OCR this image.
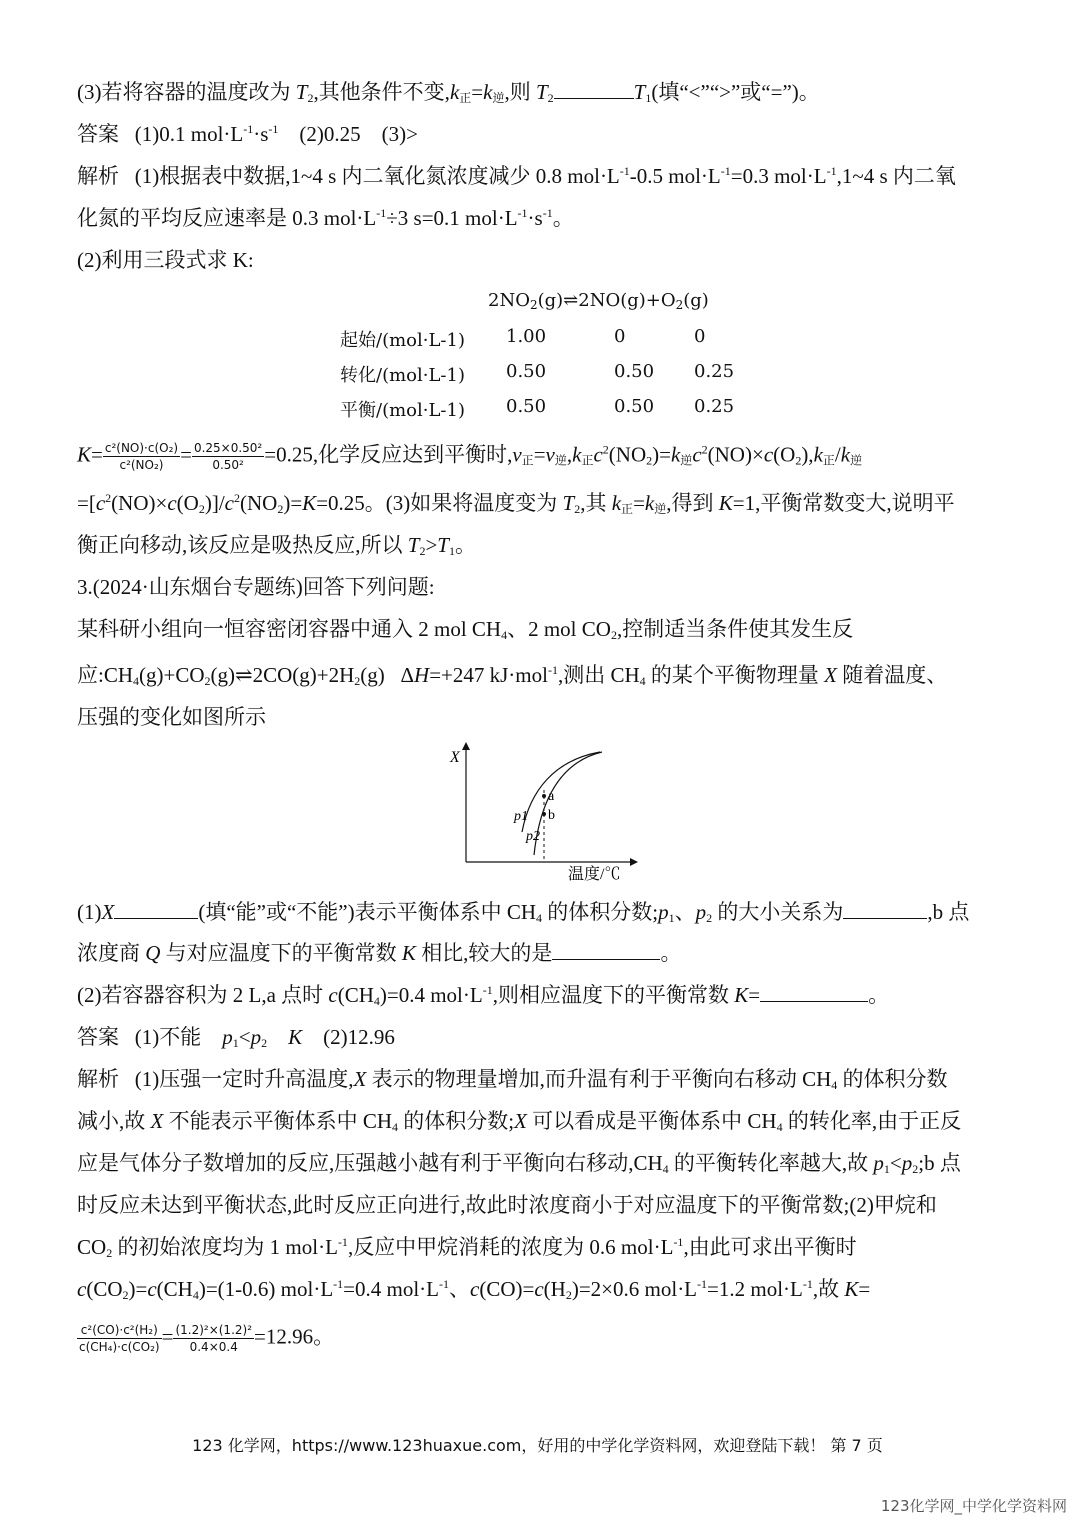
(3)若将容器的温度改为 $T_2$,其他条件不变$,k_正=k_逆$,则 $T_2$	$T_1$(填“<”“>”或“=”)。
答案   (1)0.1 $mol\cdot L^{-1}\cdot s^{-1}$    (2)0.25    (3)>
解析   (1)根据表中数据,1~4 s 内二氧化氮浓度减少 0.8 $mol\cdot L^{-1}-0.5$ $mol\cdot L^{-1}=0.3$ $mol\cdot L^{-1},1\sim 4$ s 内二氧
化氮的平均反应速率是 0.3 $mol\cdot L^{-1}\div 3$ s=0.1 $mol\cdot L^{-1}\cdot s^{-1}$。
(2)利用三段式求 K:
$2NO_2(g)\rightleftharpoons 2NO(g)+O_2(g)$
起始/(mol·L-1) 1.00	0	0
转化/(mol·L-1) 0.50	0.50 0.25
平衡/(mol·L-1) 0.50	0.50 0.25
$K= \frac{\text{c²(NO)·c(O₂)}}{\text{c²(NO₂)}} = \frac{\text{0.25×0.50²}}{\text{0.50²}} =0.25$,化学反应达到平衡时$,v_正=v_逆,k_正c^2(NO_2)=k_逆c^2(NO)\times c(O_2),k_正/k_逆$
$=[c^2(NO)\times c(O_2)]/c^2(NO_2)=K=0.25$。(3)如果将温度变为 $T_2$,其 $k_正=k_逆$,得到 K=1,平衡常数变大,说明平
衡正向移动,该反应是吸热反应,所以 $T_2>T_1$。
3.(2024·山东烟台专题练)回答下列问题:
某科研小组向一恒容密闭容器中通入 2 mol $CH_4$、2 mol $CO_2$,控制适当条件使其发生反
应$:CH_4(g)+CO_2(g)\rightleftharpoons 2CO(g)+2H_2(g)$   ΔH=+247 kJ·mol$^{-1}$,测出 $CH_4$ 的某个平衡物理量 X 随着温度、
压强的变化如图所示
X
a
b
p1
p2
温度/℃
(1)X	(填“能”或“不能”)表示平衡体系中 $CH_4$ 的体积分数$;p_1$、$p_2$ 的大小关系为	,b 点
浓度商 Q 与对应温度下的平衡常数 K 相比,较大的是	。
(2)若容器容积为 2 L,a 点时 $c(CH_4)=0.4$ $mol\cdot L^{-1}$,则相应温度下的平衡常数 K=	。
答案   (1)不能    $p_1<p_2$ K    (2)12.96
解析   (1)压强一定时升高温度,X 表示的物理量增加,而升温有利于平衡向右移动 $CH_4$ 的体积分数
减小,故 X 不能表示平衡体系中 $CH_4$ 的体积分数;X 可以看成是平衡体系中 $CH_4$ 的转化率,由于正反
应是气体分子数增加的反应,压强越小越有利于平衡向右移动$,CH_4$ 的平衡转化率越大,故 $p_1<p_2;b$ 点
时反应未达到平衡状态,此时反应正向进行,故此时浓度商小于对应温度下的平衡常数;(2)甲烷和
$CO_2$ 的初始浓度均为 1 $mol\cdot L^{-1}$,反应中甲烷消耗的浓度为 0.6 $mol\cdot L^{-1}$,由此可求出平衡时
$c(CO_2)=c(CH_4)=(1-0.6)$ $mol\cdot L^{-1}=0.4$ $mol\cdot L^{-1}$、$c(CO)=c(H_2)=2\times 0.6$ $mol\cdot L^{-1}=1.2$ $mol\cdot L^{-1}$,故 K=
$\frac{\text{c²(CO)·c²(H₂)}}{\text{c(CH₄)·c(CO₂)}} = \frac{\text{(1.2)²×(1.2)²}}{0.4\times 0.4} =12.96$。
123 化学网，https://www.123huaxue.com，好用的中学化学资料网，欢迎登陆下载！ 第 7 页
123化学网_中学化学资料网
